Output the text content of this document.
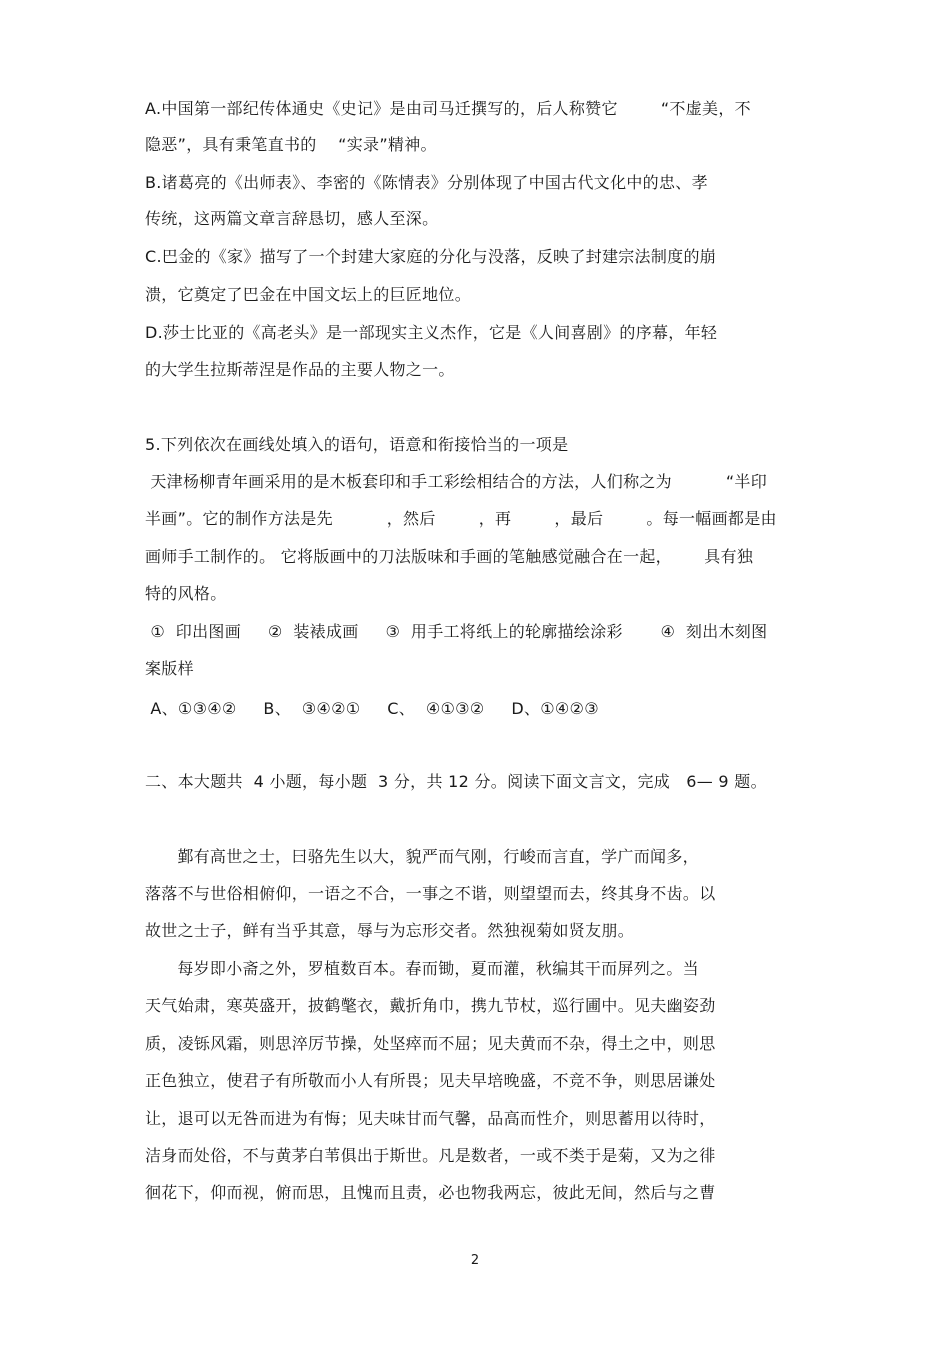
A.中国第一部纪传体通史《史记》是由司马迁撰写的，后人称赞它        “不虚美，不
隐恶”，具有秉笔直书的    “实录”精神。
B.诸葛亮的《出师表》、李密的《陈情表》分别体现了中国古代文化中的忠、孝
传统，这两篇文章言辞恳切，感人至深。
C.巴金的《家》描写了一个封建大家庭的分化与没落，反映了封建宗法制度的崩
溃，它奠定了巴金在中国文坛上的巨匠地位。
D.莎士比亚的《高老头》是一部现实主义杰作，它是《人间喜剧》的序幕，年轻
的大学生拉斯蒂涅是作品的主要人物之一。
5.下列依次在画线处填入的语句，语意和衔接恰当的一项是
天津杨柳青年画采用的是木板套印和手工彩绘相结合的方法，人们称之为          “半印
半画”。它的制作方法是先          ，然后        ，再        ，最后        。每一幅画都是由
画师手工制作的。 它将版画中的刀法版味和手画的笔触感觉融合在一起，      具有独
特的风格。
①  印出图画     ②  装裱成画     ③  用手工将纸上的轮廓描绘涂彩       ④  刻出木刻图
案版样
A、①③④②     B、  ③④②①     C、  ④①③②     D、①④②③
二、本大题共  4 小题，每小题  3 分，共 12 分。阅读下面文言文，完成   6— 9 题。
鄞有高世之士，曰骆先生以大，貌严而气刚，行峻而言直，学广而闻多，
落落不与世俗相俯仰，一语之不合，一事之不谐，则望望而去，终其身不齿。以
故世之士子，鲜有当乎其意，辱与为忘形交者。然独视菊如贤友朋。
每岁即小斋之外，罗植数百本。春而锄，夏而灌，秋编其干而屏列之。当
天气始肃，寒英盛开，披鹤氅衣，戴折角巾，携九节杖，巡行圃中。见夫幽姿劲
质，凌铄风霜，则思淬厉节操，处坚瘁而不屈；见夫黄而不杂，得土之中，则思
正色独立，使君子有所敬而小人有所畏；见夫早培晚盛，不竞不争，则思居谦处
让，退可以无咎而进为有悔；见夫味甘而气馨，品高而性介，则思蓄用以待时，
洁身而处俗，不与黄茅白苇俱出于斯世。凡是数者，一或不类于是菊，又为之徘
徊花下，仰而视，俯而思，且愧而且责，必也物我两忘，彼此无间，然后与之曹
2
